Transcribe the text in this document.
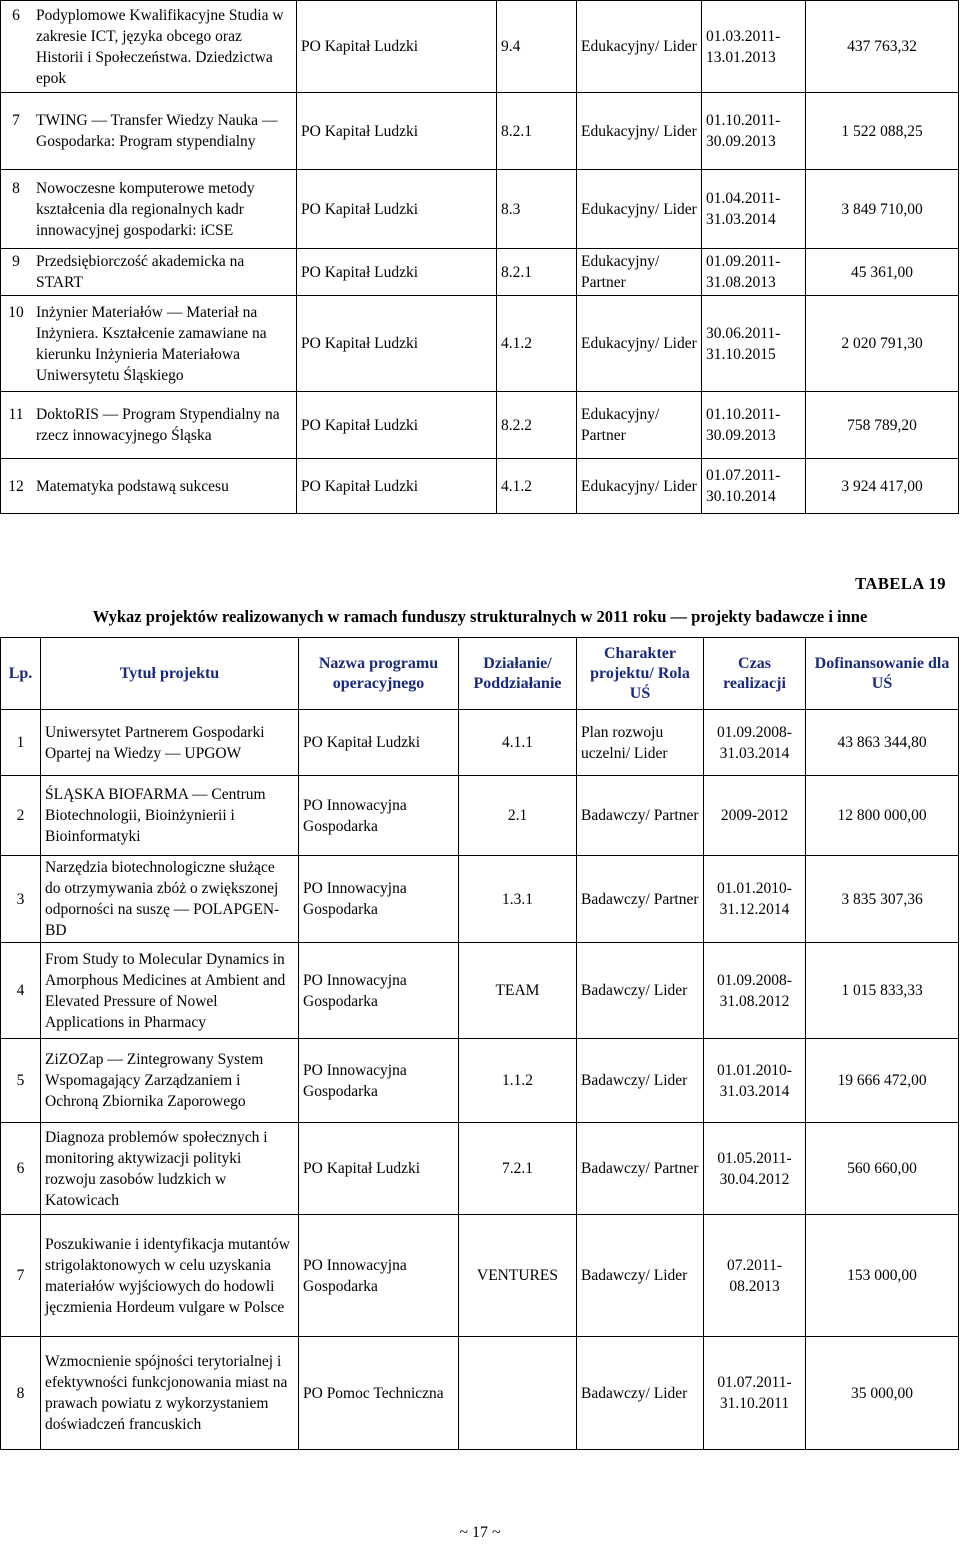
6 Podyplomowe Kwalifikacyjne Studia w zakresie ICT, języka obcego oraz Historii i Społeczeństwa. Dziedzictwa epok	PO Kapitał Ludzki	9.4	Edukacyjny/ Lider	01.03.2011-13.01.2013	437 763,32

7 TWING — Transfer Wiedzy Nauka — Gospodarka: Program stypendialny	PO Kapitał Ludzki	8.2.1	Edukacyjny/ Lider	01.10.2011-30.09.2013	1 522 088,25

8 Nowoczesne komputerowe metody kształcenia dla regionalnych kadr innowacyjnej gospodarki: iCSE	PO Kapitał Ludzki	8.3	Edukacyjny/ Lider	01.04.2011-31.03.2014	3 849 710,00

9 Przedsiębiorczość akademicka na START	PO Kapitał Ludzki	8.2.1	Edukacyjny/ Partner	01.09.2011-31.08.2013	45 361,00

10 Inżynier Materiałów — Materiał na Inżyniera. Kształcenie zamawiane na kierunku Inżynieria Materiałowa Uniwersytetu Śląskiego	PO Kapitał Ludzki	4.1.2	Edukacyjny/ Lider	30.06.2011-31.10.2015	2 020 791,30

11 DoktoRIS — Program Stypendialny na rzecz innowacyjnego Śląska	PO Kapitał Ludzki	8.2.2	Edukacyjny/ Partner	01.10.2011-30.09.2013	758 789,20

12 Matematyka podstawą sukcesu	PO Kapitał Ludzki	4.1.2	Edukacyjny/ Lider	01.07.2011-30.10.2014	3 924 417,00
TABELA 19
Wykaz projektów realizowanych w ramach funduszy strukturalnych w 2011 roku — projekty badawcze i inne
Lp.	Tytuł projektu	Nazwa programu operacyjnego	Działanie/ Poddziałanie	Charakter projektu/ Rola UŚ	Czas realizacji	Dofinansowanie dla UŚ
1	Uniwersytet Partnerem Gospodarki Opartej na Wiedzy — UPGOW	PO Kapitał Ludzki	4.1.1	Plan rozwoju uczelni/ Lider	01.09.2008-31.03.2014	43 863 344,80
2	ŚLĄSKA BIOFARMA — Centrum Biotechnologii, Bioinżynierii i Bioinformatyki	PO Innowacyjna Gospodarka	2.1	Badawczy/ Partner	2009-2012	12 800 000,00
3	Narzędzia biotechnologiczne służące do otrzymywania zbóż o zwiększonej odporności na suszę — POLAPGEN-BD	PO Innowacyjna Gospodarka	1.3.1	Badawczy/ Partner	01.01.2010-31.12.2014	3 835 307,36
4	From Study to Molecular Dynamics in Amorphous Medicines at Ambient and Elevated Pressure of Nowel Applications in Pharmacy	PO Innowacyjna Gospodarka	TEAM	Badawczy/ Lider	01.09.2008-31.08.2012	1 015 833,33
5	ZiZOZap — Zintegrowany System Wspomagający Zarządzaniem i Ochroną Zbiornika Zaporowego	PO Innowacyjna Gospodarka	1.1.2	Badawczy/ Lider	01.01.2010-31.03.2014	19 666 472,00
6	Diagnoza problemów społecznych i monitoring aktywizacji polityki rozwoju zasobów ludzkich w Katowicach	PO Kapitał Ludzki	7.2.1	Badawczy/ Partner	01.05.2011-30.04.2012	560 660,00
7	Poszukiwanie i identyfikacja mutantów strigolaktonowych w celu uzyskania materiałów wyjściowych do hodowli jęczmienia Hordeum vulgare w Polsce	PO Innowacyjna Gospodarka	VENTURES	Badawczy/ Lider	07.2011-08.2013	153 000,00
8	Wzmocnienie spójności terytorialnej i efektywności funkcjonowania miast na prawach powiatu z wykorzystaniem doświadczeń francuskich	PO Pomoc Techniczna		Badawczy/ Lider	01.07.2011-31.10.2011	35 000,00
~ 17 ~
